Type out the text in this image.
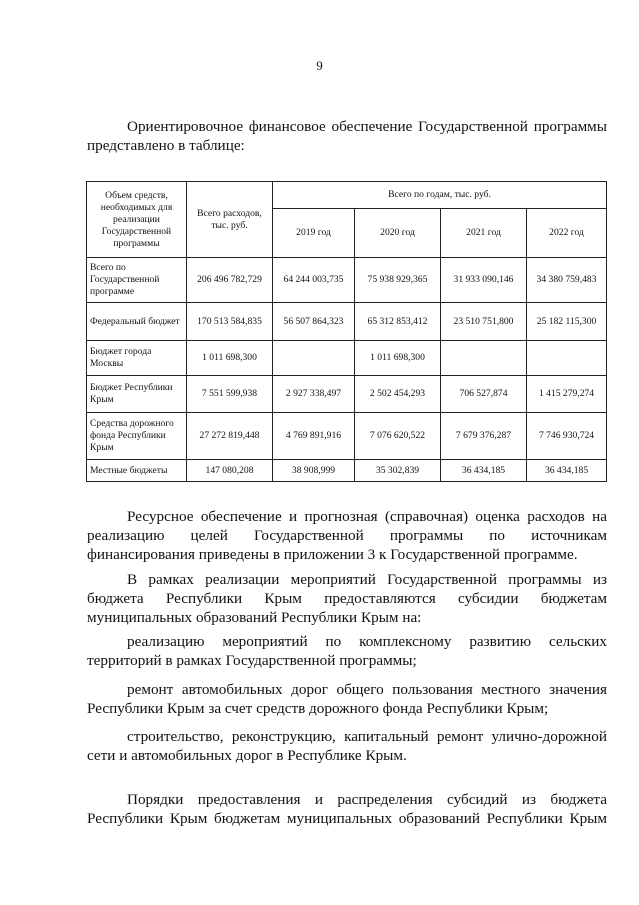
9

Ориентировочное финансовое обеспечение Государственной программы представлено в таблице:

Объем средств, необходимых для реализации Государственной программы	Всего расходов, тыс. руб.	Всего по годам, тыс. руб.			
		2019 год	2020 год	2021 год	2022 год
Всего по Государственной программе	206 496 782,729	64 244 003,735	75 938 929,365	31 933 090,146	34 380 759,483
Федеральный бюджет	170 513 584,835	56 507 864,323	65 312 853,412	23 510 751,800	25 182 115,300
Бюджет города Москвы	1 011 698,300		1 011 698,300		
Бюджет Республики Крым	7 551 599,938	2 927 338,497	2 502 454,293	706 527,874	1 415 279,274
Средства дорожного фонда Республики Крым	27 272 819,448	4 769 891,916	7 076 620,522	7 679 376,287	7 746 930,724
Местные бюджеты	147 080,208	38 908,999	35 302,839	36 434,185	36 434,185

Ресурсное обеспечение и прогнозная (справочная) оценка расходов на реализацию целей Государственной программы по источникам финансирования приведены в приложении 3 к Государственной программе.

В рамках реализации мероприятий Государственной программы из бюджета Республики Крым предоставляются субсидии бюджетам муниципальных образований Республики Крым на:

реализацию мероприятий по комплексному развитию сельских территорий в рамках Государственной программы;

ремонт автомобильных дорог общего пользования местного значения Республики Крым за счет средств дорожного фонда Республики Крым;

строительство, реконструкцию, капитальный ремонт улично-дорожной сети и автомобильных дорог в Республике Крым.

Порядки предоставления и распределения субсидий из бюджета Республики Крым бюджетам муниципальных образований Республики Крым
